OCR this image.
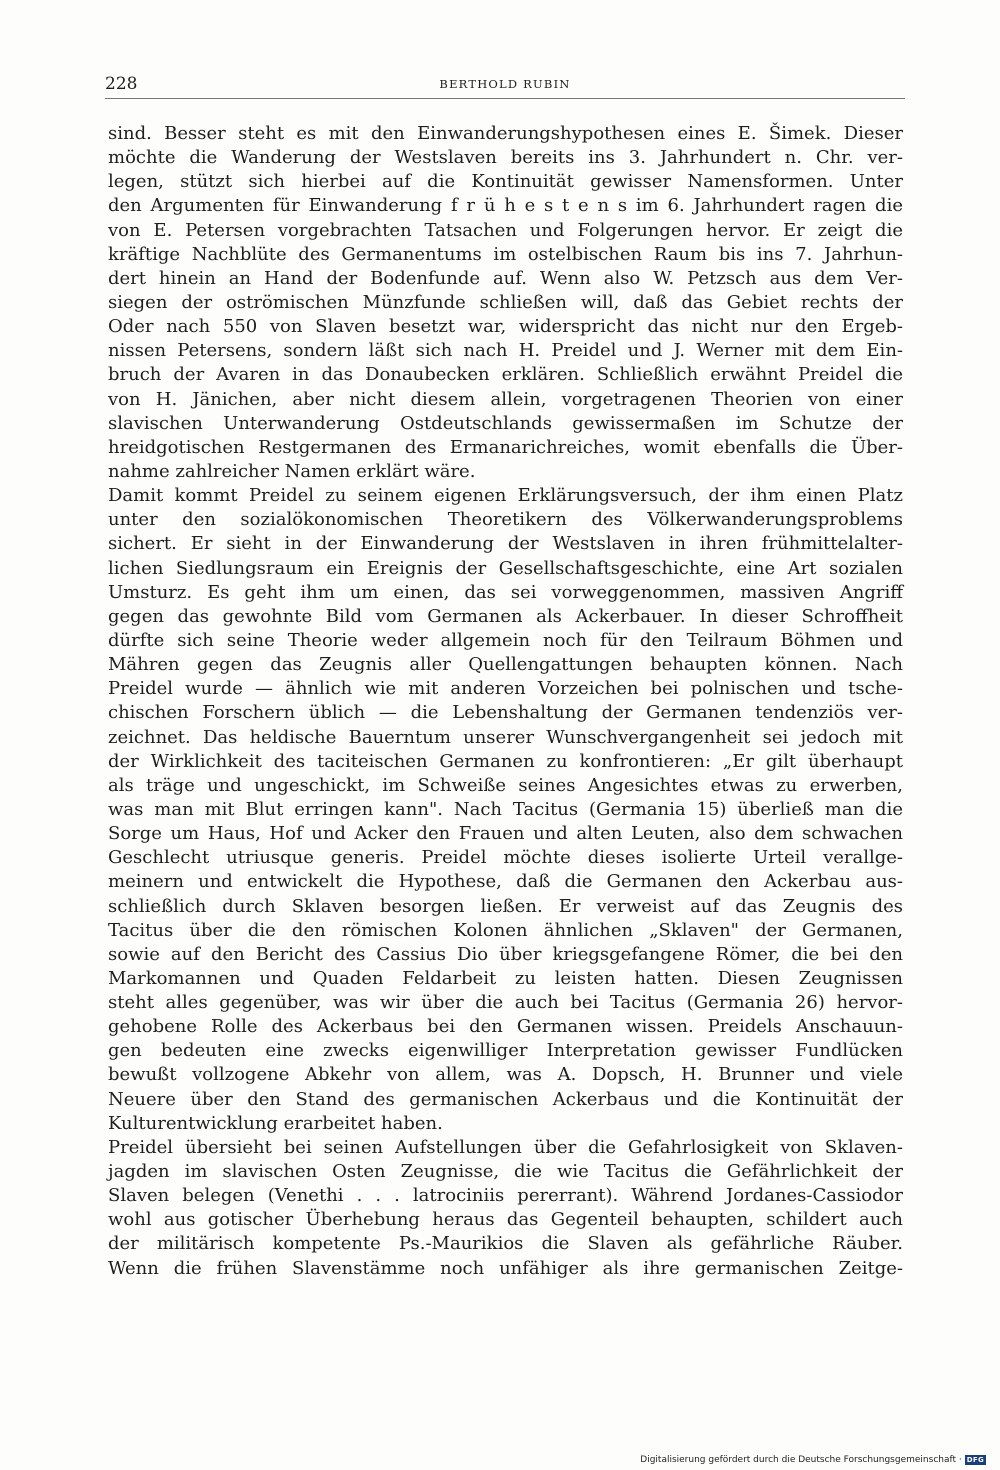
228	BERTHOLD RUBIN
sind. Besser steht es mit den Einwanderungshypothesen eines E. Šimek. Dieser
möchte die Wanderung der Westslaven bereits ins 3. Jahrhundert n. Chr. ver-
legen, stützt sich hierbei auf die Kontinuität gewisser Namensformen. Unter
den Argumenten für Einwanderung f r ü h e s t e n s im 6. Jahrhundert ragen die
von E. Petersen vorgebrachten Tatsachen und Folgerungen hervor. Er zeigt die
kräftige Nachblüte des Germanentums im ostelbischen Raum bis ins 7. Jahrhun-
dert hinein an Hand der Bodenfunde auf. Wenn also W. Petzsch aus dem Ver-
siegen der oströmischen Münzfunde schließen will, daß das Gebiet rechts der
Oder nach 550 von Slaven besetzt war, widerspricht das nicht nur den Ergeb-
nissen Petersens, sondern läßt sich nach H. Preidel und J. Werner mit dem Ein-
bruch der Avaren in das Donaubecken erklären. Schließlich erwähnt Preidel die
von H. Jänichen, aber nicht diesem allein, vorgetragenen Theorien von einer
slavischen Unterwanderung Ostdeutschlands gewissermaßen im Schutze der
hreidgotischen Restgermanen des Ermanarichreiches, womit ebenfalls die Über-
nahme zahlreicher Namen erklärt wäre.
Damit kommt Preidel zu seinem eigenen Erklärungsversuch, der ihm einen Platz
unter den sozialökonomischen Theoretikern des Völkerwanderungsproblems
sichert. Er sieht in der Einwanderung der Westslaven in ihren frühmittelalter-
lichen Siedlungsraum ein Ereignis der Gesellschaftsgeschichte, eine Art sozialen
Umsturz. Es geht ihm um einen, das sei vorweggenommen, massiven Angriff
gegen das gewohnte Bild vom Germanen als Ackerbauer. In dieser Schroffheit
dürfte sich seine Theorie weder allgemein noch für den Teilraum Böhmen und
Mähren gegen das Zeugnis aller Quellengattungen behaupten können. Nach
Preidel wurde — ähnlich wie mit anderen Vorzeichen bei polnischen und tsche-
chischen Forschern üblich — die Lebenshaltung der Germanen tendenziös ver-
zeichnet. Das heldische Bauerntum unserer Wunschvergangenheit sei jedoch mit
der Wirklichkeit des taciteischen Germanen zu konfrontieren: „Er gilt überhaupt
als träge und ungeschickt, im Schweiße seines Angesichtes etwas zu erwerben,
was man mit Blut erringen kann". Nach Tacitus (Germania 15) überließ man die
Sorge um Haus, Hof und Acker den Frauen und alten Leuten, also dem schwachen
Geschlecht utriusque generis. Preidel möchte dieses isolierte Urteil verallge-
meinern und entwickelt die Hypothese, daß die Germanen den Ackerbau aus-
schließlich durch Sklaven besorgen ließen. Er verweist auf das Zeugnis des
Tacitus über die den römischen Kolonen ähnlichen „Sklaven" der Germanen,
sowie auf den Bericht des Cassius Dio über kriegsgefangene Römer, die bei den
Markomannen und Quaden Feldarbeit zu leisten hatten. Diesen Zeugnissen
steht alles gegenüber, was wir über die auch bei Tacitus (Germania 26) hervor-
gehobene Rolle des Ackerbaus bei den Germanen wissen. Preidels Anschauun-
gen bedeuten eine zwecks eigenwilliger Interpretation gewisser Fundlücken
bewußt vollzogene Abkehr von allem, was A. Dopsch, H. Brunner und viele
Neuere über den Stand des germanischen Ackerbaus und die Kontinuität der
Kulturentwicklung erarbeitet haben.
Preidel übersieht bei seinen Aufstellungen über die Gefahrlosigkeit von Sklaven-
jagden im slavischen Osten Zeugnisse, die wie Tacitus die Gefährlichkeit der
Slaven belegen (Venethi . . . latrociniis pererrant). Während Jordanes-Cassiodor
wohl aus gotischer Überhebung heraus das Gegenteil behaupten, schildert auch
der militärisch kompetente Ps.-Maurikios die Slaven als gefährliche Räuber.
Wenn die frühen Slavenstämme noch unfähiger als ihre germanischen Zeitge-
Digitalisierung gefördert durch die Deutsche Forschungsgemeinschaft · DFG
